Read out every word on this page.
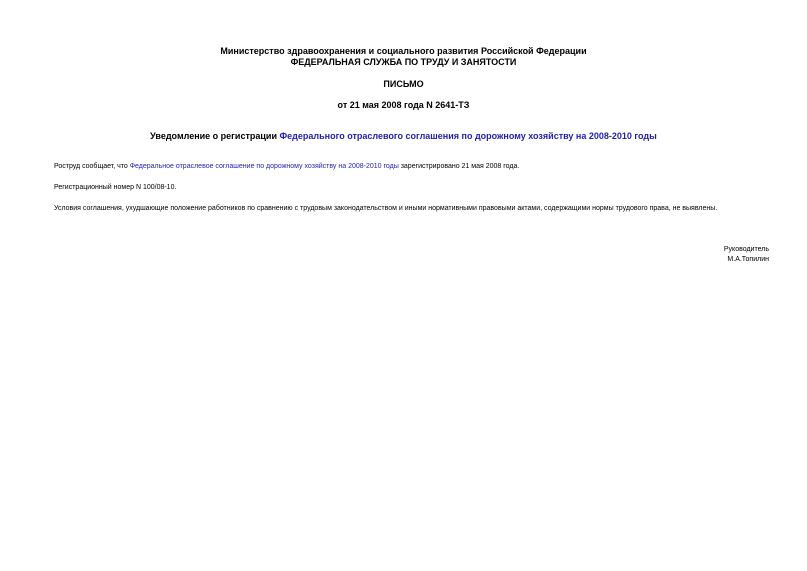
Министерство здравоохранения и социального развития Российской Федерации
ФЕДЕРАЛЬНАЯ СЛУЖБА ПО ТРУДУ И ЗАНЯТОСТИ
ПИСЬМО
от 21 мая 2008 года N 2641-ТЗ
Уведомление о регистрации Федерального отраслевого соглашения по дорожному хозяйству на 2008-2010 годы
Роструд сообщает, что Федеральное отраслевое соглашение по дорожному хозяйству на 2008-2010 годы зарегистрировано 21 мая 2008 года.
Регистрационный номер N 100/08-10.
Условия соглашения, ухудшающие положение работников по сравнению с трудовым законодательством и иными нормативными правовыми актами, содержащими нормы трудового права, не выявлены.
Руководитель
М.А.Топилин
